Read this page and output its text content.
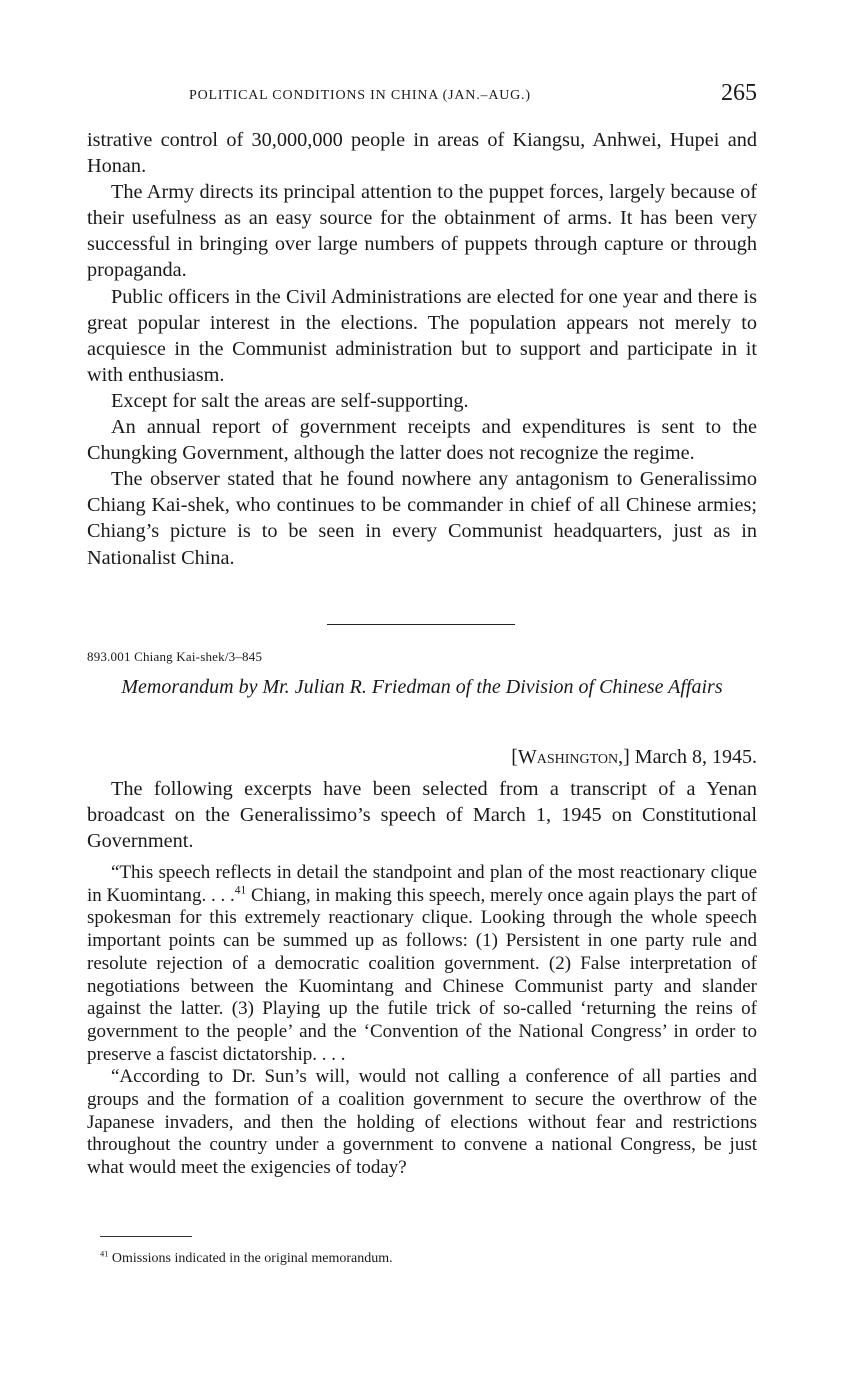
POLITICAL CONDITIONS IN CHINA (JAN.–AUG.)	265

istrative control of 30,000,000 people in areas of Kiangsu, Anhwei, Hupei and Honan.

The Army directs its principal attention to the puppet forces, largely because of their usefulness as an easy source for the obtainment of arms. It has been very successful in bringing over large numbers of puppets through capture or through propaganda.

Public officers in the Civil Administrations are elected for one year and there is great popular interest in the elections. The population appears not merely to acquiesce in the Communist administration but to support and participate in it with enthusiasm.

Except for salt the areas are self-supporting.

An annual report of government receipts and expenditures is sent to the Chungking Government, although the latter does not recognize the regime.

The observer stated that he found nowhere any antagonism to Generalissimo Chiang Kai-shek, who continues to be commander in chief of all Chinese armies; Chiang’s picture is to be seen in every Communist headquarters, just as in Nationalist China.

893.001 Chiang Kai-shek/3–845
Memorandum by Mr. Julian R. Friedman of the Division of Chinese Affairs
[Washington,] March 8, 1945.

The following excerpts have been selected from a transcript of a Yenan broadcast on the Generalissimo’s speech of March 1, 1945 on Constitutional Government.

“This speech reflects in detail the standpoint and plan of the most reactionary clique in Kuomintang. . . .$^{41}$ Chiang, in making this speech, merely once again plays the part of spokesman for this extremely reactionary clique. Looking through the whole speech important points can be summed up as follows: (1) Persistent in one party rule and resolute rejection of a democratic coalition government. (2) False interpretation of negotiations between the Kuomintang and Chinese Communist party and slander against the latter. (3) Playing up the futile trick of so-called ‘returning the reins of government to the people’ and the ‘Convention of the National Congress’ in order to preserve a fascist dictatorship. . . .

“According to Dr. Sun’s will, would not calling a conference of all parties and groups and the formation of a coalition government to secure the overthrow of the Japanese invaders, and then the holding of elections without fear and restrictions throughout the country under a government to convene a national Congress, be just what would meet the exigencies of today?

$^{41}$ Omissions indicated in the original memorandum.
